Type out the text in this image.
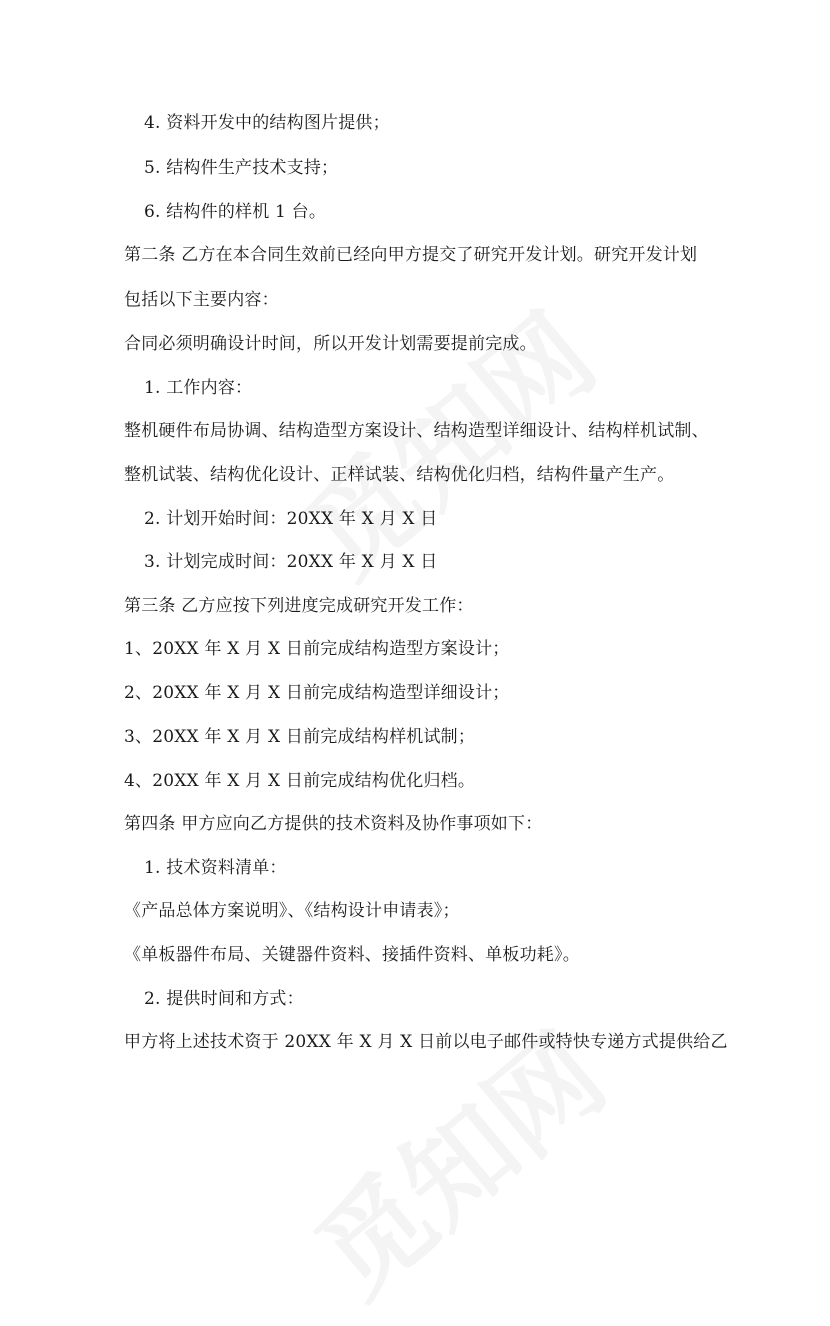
4. 资料开发中的结构图片提供；
5. 结构件生产技术支持；
6. 结构件的样机 1 台。
第二条 乙方在本合同生效前已经向甲方提交了研究开发计划。研究开发计划
包括以下主要内容：
合同必须明确设计时间，所以开发计划需要提前完成。
1. 工作内容：
整机硬件布局协调、结构造型方案设计、结构造型详细设计、结构样机试制、
整机试装、结构优化设计、正样试装、结构优化归档，结构件量产生产。
2. 计划开始时间：20XX 年 X 月 X 日
3. 计划完成时间：20XX 年 X 月 X 日
第三条 乙方应按下列进度完成研究开发工作：
1、20XX 年 X 月 X 日前完成结构造型方案设计；
2、20XX 年 X 月 X 日前完成结构造型详细设计；
3、20XX 年 X 月 X 日前完成结构样机试制；
4、20XX 年 X 月 X 日前完成结构优化归档。
第四条 甲方应向乙方提供的技术资料及协作事项如下：
1. 技术资料清单：
《产品总体方案说明》、《结构设计申请表》；
《单板器件布局、关键器件资料、接插件资料、单板功耗》。
2. 提供时间和方式：
甲方将上述技术资于 20XX 年 X 月 X 日前以电子邮件或特快专递方式提供给乙
